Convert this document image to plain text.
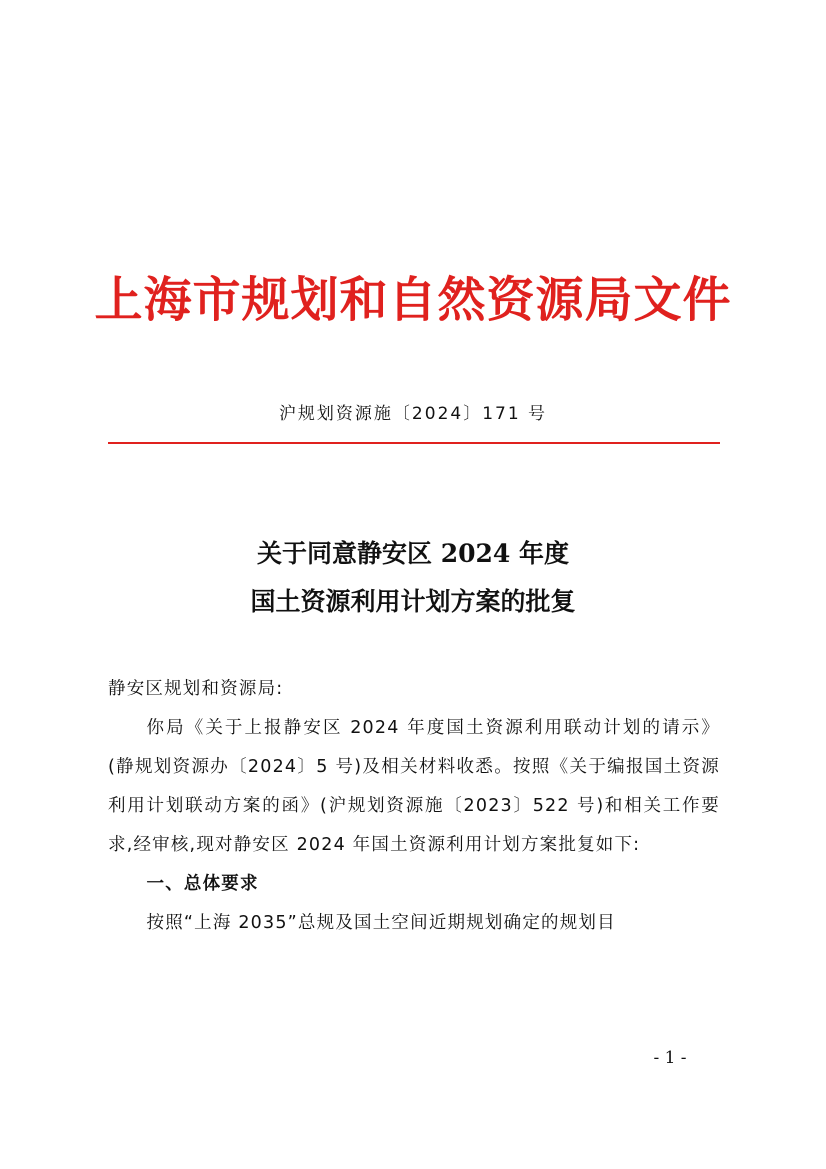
上海市规划和自然资源局文件
沪规划资源施〔2024〕171 号
关于同意静安区 2024 年度
国土资源利用计划方案的批复

静安区规划和资源局:

你局《关于上报静安区 2024 年度国土资源利用联动计划的请示》(静规划资源办〔2024〕5 号)及相关材料收悉。按照《关于编报国土资源利用计划联动方案的函》(沪规划资源施〔2023〕522 号)和相关工作要求,经审核,现对静安区 2024 年国土资源利用计划方案批复如下:

一、总体要求

按照“上海 2035”总规及国土空间近期规划确定的规划目

- 1 -
